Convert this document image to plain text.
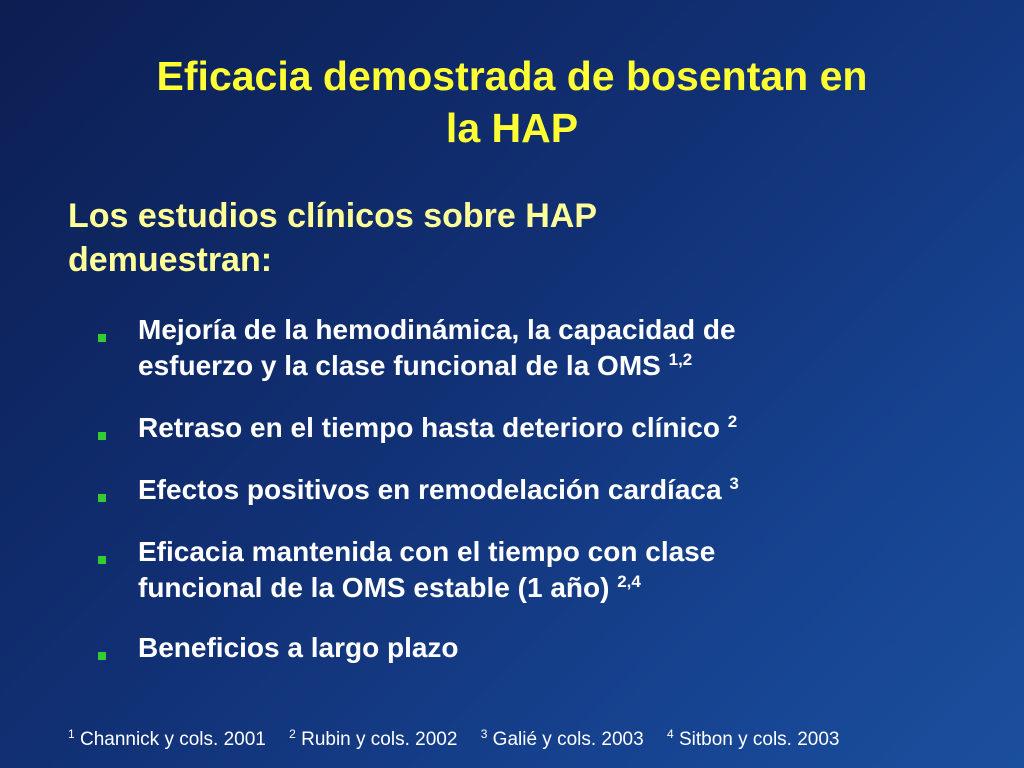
Eficacia demostrada de bosentan en
la HAP
Los estudios clínicos sobre HAP
demuestran:
Mejoría de la hemodinámica, la capacidad de
esfuerzo y la clase funcional de la OMS $^{1,2}$
Retraso en el tiempo hasta deterioro clínico $^2$
Efectos positivos en remodelación cardíaca $^3$
Eficacia mantenida con el tiempo con clase
funcional de la OMS estable (1 año) $^{2,4}$
Beneficios a largo plazo
$^1$ Channick y cols. 2001 $^2$ Rubin y cols. 2002 $^3$ Galié y cols. 2003 $^4$ Sitbon y cols. 2003
